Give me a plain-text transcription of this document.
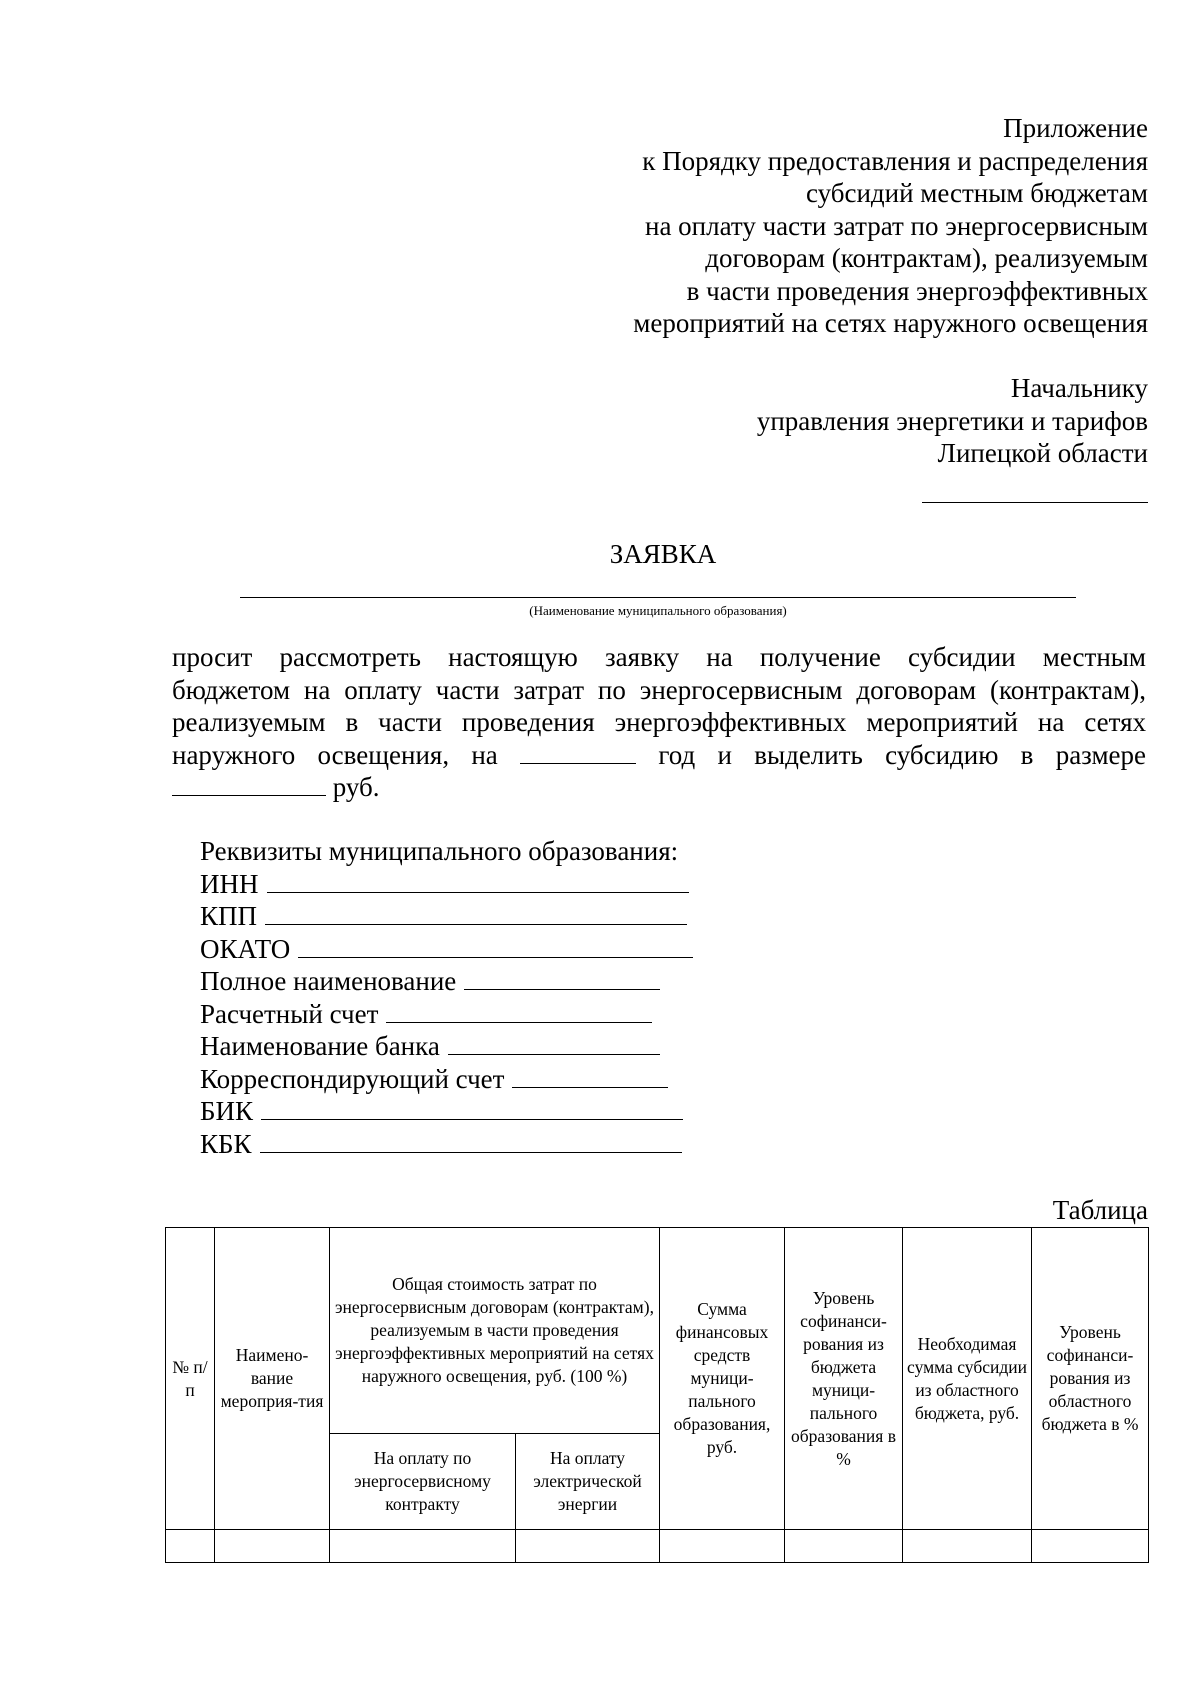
Приложение
к Порядку предоставления и распределения
субсидий местным бюджетам
на оплату части затрат по энергосервисным
договорам (контрактам), реализуемым
в части проведения энергоэффективных
мероприятий на сетях наружного освещения
Начальнику
управления энергетики и тарифов
Липецкой области
ЗАЯВКА
(Наименование муниципального образования)
просит рассмотреть настоящую заявку на получение субсидии местным
бюджетом на оплату части затрат по энергосервисным договорам (контрактам),
реализуемым в части проведения энергоэффективных мероприятий на сетях
наружного освещения, на	год и выделить субсидию в размере
руб.
Реквизиты муниципального образования:
ИНН
КПП
ОКАТО
Полное наименование
Расчетный счет
Наименование банка
Корреспондирующий счет
БИК
КБК
Таблица
№ п/п	Наимено-вание мероприя-тия	Общая стоимость затрат по энергосервисным договорам (контрактам), реализуемым в части проведения энергоэффективных мероприятий на сетях наружного освещения, руб. (100 %)		Сумма финансовых средств муници-пального образования, руб.	Уровень софинанси-рования из бюджета муници-пального образования в %	Необходимая сумма субсидии из областного бюджета, руб.	Уровень софинанси-рования из областного бюджета в %
		На оплату по энергосервисному контракту	На оплату электрической энергии				
